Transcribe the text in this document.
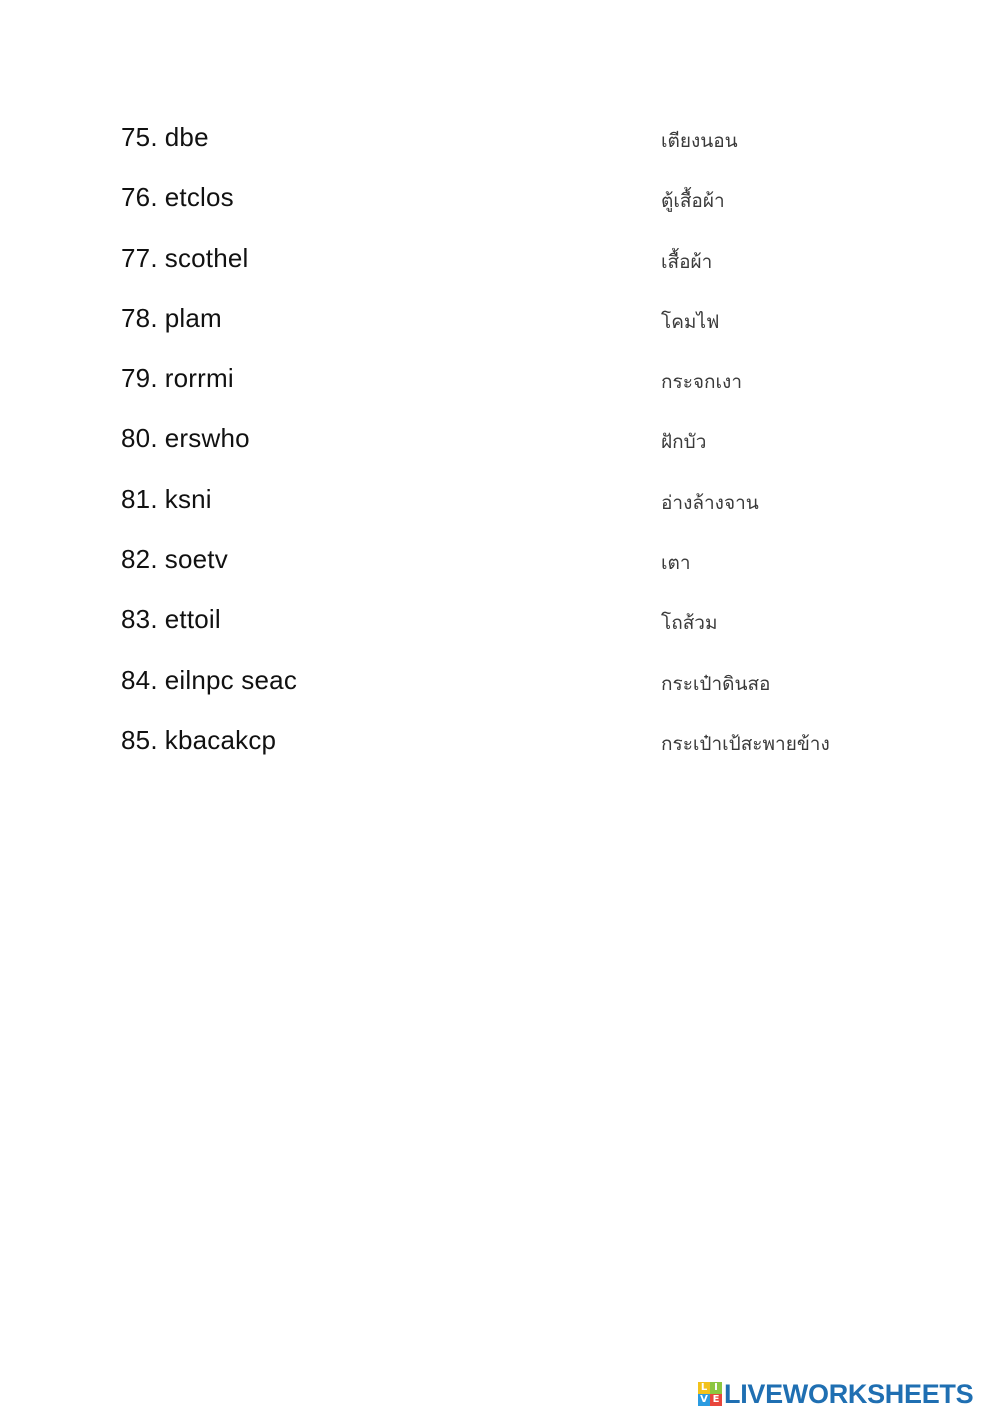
75. dbe	เตียงนอน
76. etclos	ตู้เสื้อผ้า
77. scothel	เสื้อผ้า
78. plam	โคมไฟ
79. rorrmi	กระจกเงา
80. erswho	ฝักบัว
81. ksni	อ่างล้างจาน
82. soetv	เตา
83. ettoil	โถส้วม
84. eilnpc seac	กระเป๋าดินสอ
85. kbacakcp	กระเป๋าเป้สะพายข้าง
L I
V E LIVEWORKSHEETS
